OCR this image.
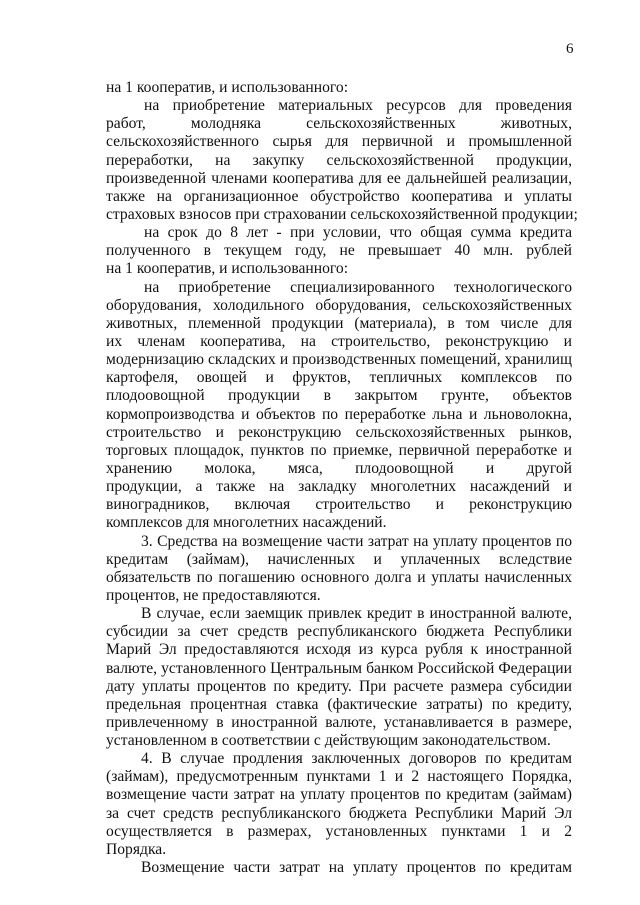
6
на 1 кооператив, и использованного:
на приобретение материальных ресурсов для проведения
работ, молодняка сельскохозяйственных животных,
сельскохозяйственного сырья для первичной и промышленной
переработки, на закупку сельскохозяйственной продукции,
произведенной членами кооператива для ее дальнейшей реализации,
также на организационное обустройство кооператива и уплаты
страховых взносов при страховании сельскохозяйственной продукции;
на срок до 8 лет - при условии, что общая сумма кредита
полученного в текущем году, не превышает 40 млн. рублей
на 1 кооператив, и использованного:
на приобретение специализированного технологического
оборудования, холодильного оборудования, сельскохозяйственных
животных, племенной продукции (материала), в том числе для
их членам кооператива, на строительство, реконструкцию и
модернизацию складских и производственных помещений, хранилищ
картофеля, овощей и фруктов, тепличных комплексов по
плодоовощной продукции в закрытом грунте, объектов
кормопроизводства и объектов по переработке льна и льноволокна,
строительство и реконструкцию сельскохозяйственных рынков,
торговых площадок, пунктов по приемке, первичной переработке и
хранению молока, мяса, плодоовощной и другой
продукции, а также на закладку многолетних насаждений и
виноградников, включая строительство и реконструкцию
комплексов для многолетних насаждений.
3. Средства на возмещение части затрат на уплату процентов по
кредитам (займам), начисленных и уплаченных вследствие
обязательств по погашению основного долга и уплаты начисленных
процентов, не предоставляются.
В случае, если заемщик привлек кредит в иностранной валюте,
субсидии за счет средств республиканского бюджета Республики
Марий Эл предоставляются исходя из курса рубля к иностранной
валюте, установленного Центральным банком Российской Федерации
дату уплаты процентов по кредиту. При расчете размера субсидии
предельная процентная ставка (фактические затраты) по кредиту,
привлеченному в иностранной валюте, устанавливается в размере,
установленном в соответствии с действующим законодательством.
4. В случае продления заключенных договоров по кредитам
(займам), предусмотренным пунктами 1 и 2 настоящего Порядка,
возмещение части затрат на уплату процентов по кредитам (займам)
за счет средств республиканского бюджета Республики Марий Эл
осуществляется в размерах, установленных пунктами 1 и 2
Порядка.
Возмещение части затрат на уплату процентов по кредитам
